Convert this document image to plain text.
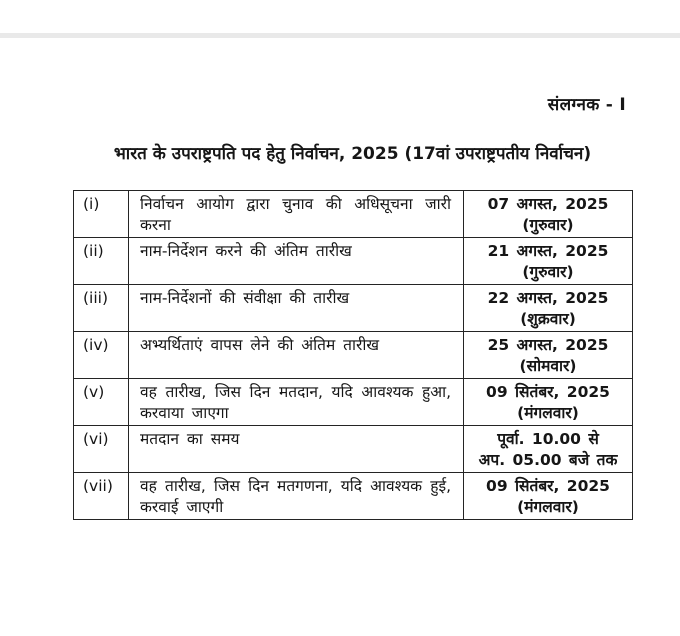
संलग्नक - I
भारत के उपराष्ट्रपति पद हेतु निर्वाचन, 2025 (17वां उपराष्ट्रपतीय निर्वाचन)
(i)	निर्वाचन आयोग द्वारा चुनाव की अधिसूचना जारी करना	07 अगस्त, 2025
(गुरुवार)

(ii)	नाम-निर्देशन करने की अंतिम तारीख	21 अगस्त, 2025
(गुरुवार)

(iii)	नाम-निर्देशनों की संवीक्षा की तारीख	22 अगस्त, 2025
(शुक्रवार)

(iv)	अभ्यर्थिताएं वापस लेने की अंतिम तारीख	25 अगस्त, 2025
(सोमवार)

(v)	वह तारीख, जिस दिन मतदान, यदि आवश्यक हुआ, करवाया जाएगा	09 सितंबर, 2025
(मंगलवार)

(vi)	मतदान का समय	पूर्वा. 10.00 से
अप. 05.00 बजे तक

(vii)	वह तारीख, जिस दिन मतगणना, यदि आवश्यक हुई, करवाई जाएगी	09 सितंबर, 2025
(मंगलवार)
